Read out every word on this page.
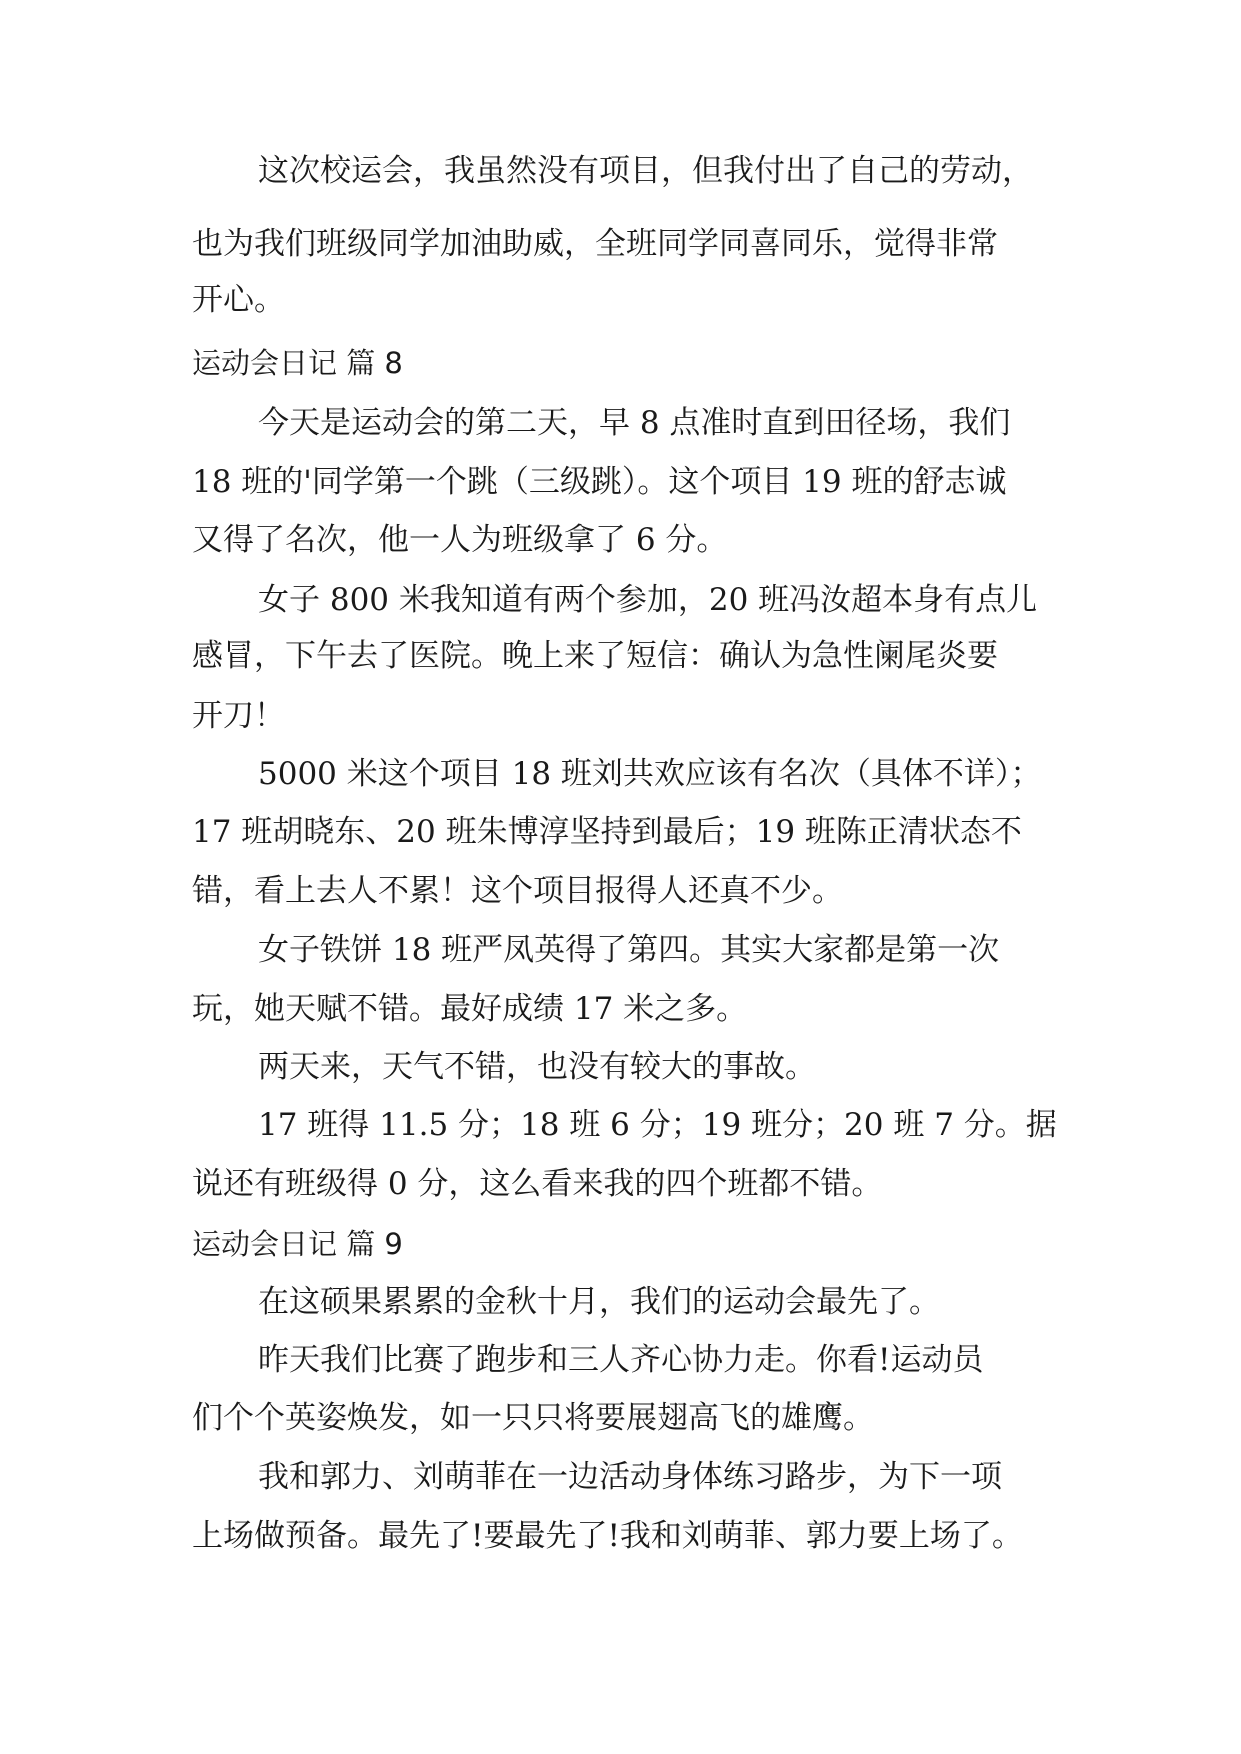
这次校运会，我虽然没有项目，但我付出了自己的劳动，
也为我们班级同学加油助威，全班同学同喜同乐，觉得非常
开心。
运动会日记 篇 8
今天是运动会的第二天，早 8 点准时直到田径场，我们
18 班的'同学第一个跳（三级跳）。这个项目 19 班的舒志诚
又得了名次，他一人为班级拿了 6 分。
女子 800 米我知道有两个参加，20 班冯汝超本身有点儿
感冒，下午去了医院。晚上来了短信：确认为急性阑尾炎要
开刀！
5000 米这个项目 18 班刘共欢应该有名次（具体不详）；
17 班胡晓东、20 班朱博淳坚持到最后；19 班陈正清状态不
错，看上去人不累！这个项目报得人还真不少。
女子铁饼 18 班严凤英得了第四。其实大家都是第一次
玩，她天赋不错。最好成绩 17 米之多。
两天来，天气不错，也没有较大的事故。
17 班得 11.5 分；18 班 6 分；19 班分；20 班 7 分。据
说还有班级得 0 分，这么看来我的四个班都不错。
运动会日记 篇 9
在这硕果累累的金秋十月，我们的运动会最先了。
昨天我们比赛了跑步和三人齐心协力走。你看!运动员
们个个英姿焕发，如一只只将要展翅高飞的雄鹰。
我和郭力、刘萌菲在一边活动身体练习路步，为下一项
上场做预备。最先了!要最先了!我和刘萌菲、郭力要上场了。
